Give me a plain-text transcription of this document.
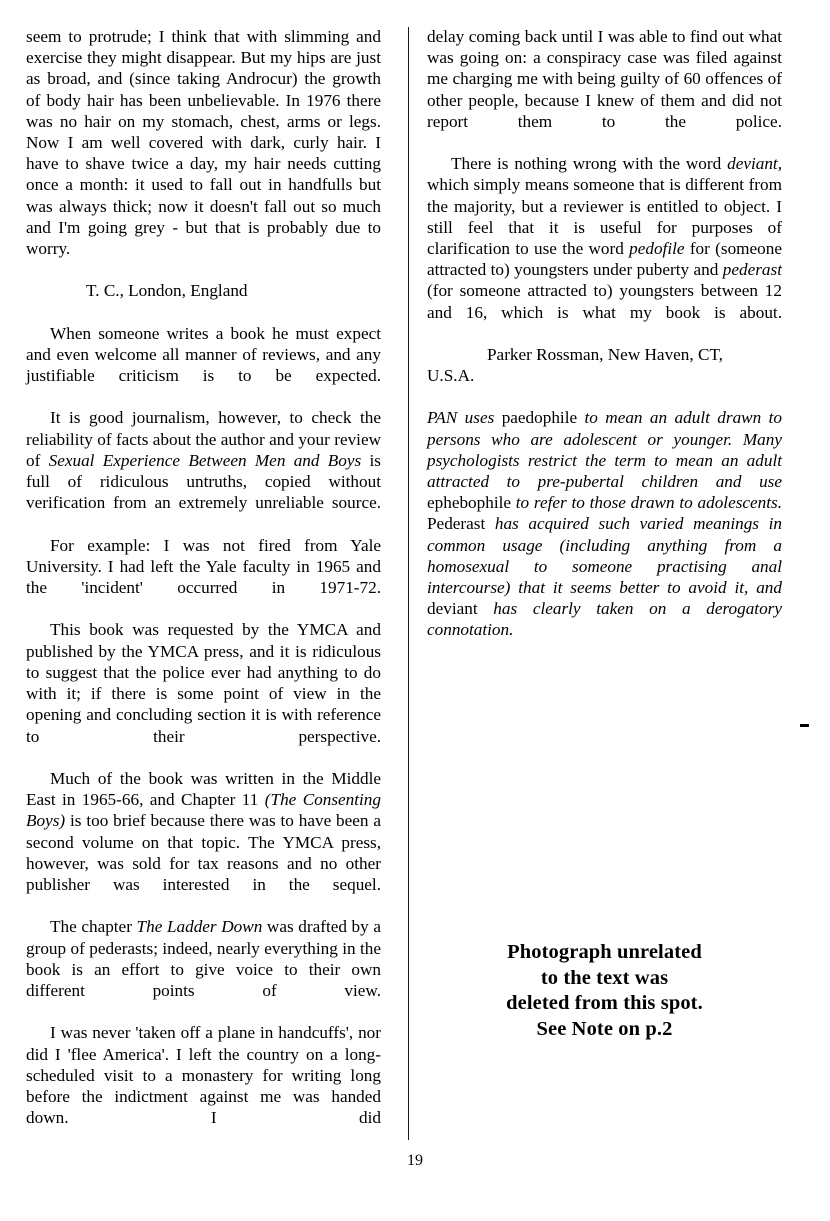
seem to protrude; I think that with slimming and exercise they might disappear. But my hips are just as broad, and (since taking Androcur) the growth of body hair has been unbelievable. In 1976 there was no hair on my stomach, chest, arms or legs. Now I am well covered with dark, curly hair. I have to shave twice a day, my hair needs cutting once a month: it used to fall out in handfulls but was always thick; now it doesn't fall out so much and I'm going grey - but that is probably due to worry.

T. C., London, England

When someone writes a book he must expect and even welcome all manner of reviews, and any justifiable criticism is to be expected.

It is good journalism, however, to check the reliability of facts about the author and your review of Sexual Experience Between Men and Boys is full of ridiculous untruths, copied without verification from an extremely unreliable source.

For example: I was not fired from Yale University. I had left the Yale faculty in 1965 and the 'incident' occurred in 1971-72.

This book was requested by the YMCA and published by the YMCA press, and it is ridiculous to suggest that the police ever had anything to do with it; if there is some point of view in the opening and concluding section it is with reference to their perspective.

Much of the book was written in the Middle East in 1965-66, and Chapter 11 (The Consenting Boys) is too brief because there was to have been a second volume on that topic. The YMCA press, however, was sold for tax reasons and no other publisher was interested in the sequel.

The chapter The Ladder Down was drafted by a group of pederasts; indeed, nearly everything in the book is an effort to give voice to their own different points of view.

I was never 'taken off a plane in handcuffs', nor did I 'flee America'. I left the country on a long-scheduled visit to a monastery for writing long before the indictment against me was handed down. I did

delay coming back until I was able to find out what was going on: a conspiracy case was filed against me charging me with being guilty of 60 offences of other people, because I knew of them and did not report them to the police.

There is nothing wrong with the word deviant, which simply means someone that is different from the majority, but a reviewer is entitled to object. I still feel that it is useful for purposes of clarification to use the word pedofile for (someone attracted to) youngsters under puberty and pederast (for someone attracted to) youngsters between 12 and 16, which is what my book is about.

Parker Rossman, New Haven, CT,

U.S.A.

PAN uses paedophile to mean an adult drawn to persons who are adolescent or younger. Many psychologists restrict the term to mean an adult attracted to pre-pubertal children and use ephebophile to refer to those drawn to adolescents. Pederast has acquired such varied meanings in common usage (including anything from a homosexual to someone practising anal intercourse) that it seems better to avoid it, and deviant has clearly taken on a derogatory connotation.

Photograph unrelated
to the text was
deleted from this spot.
See Note on p.2
19
